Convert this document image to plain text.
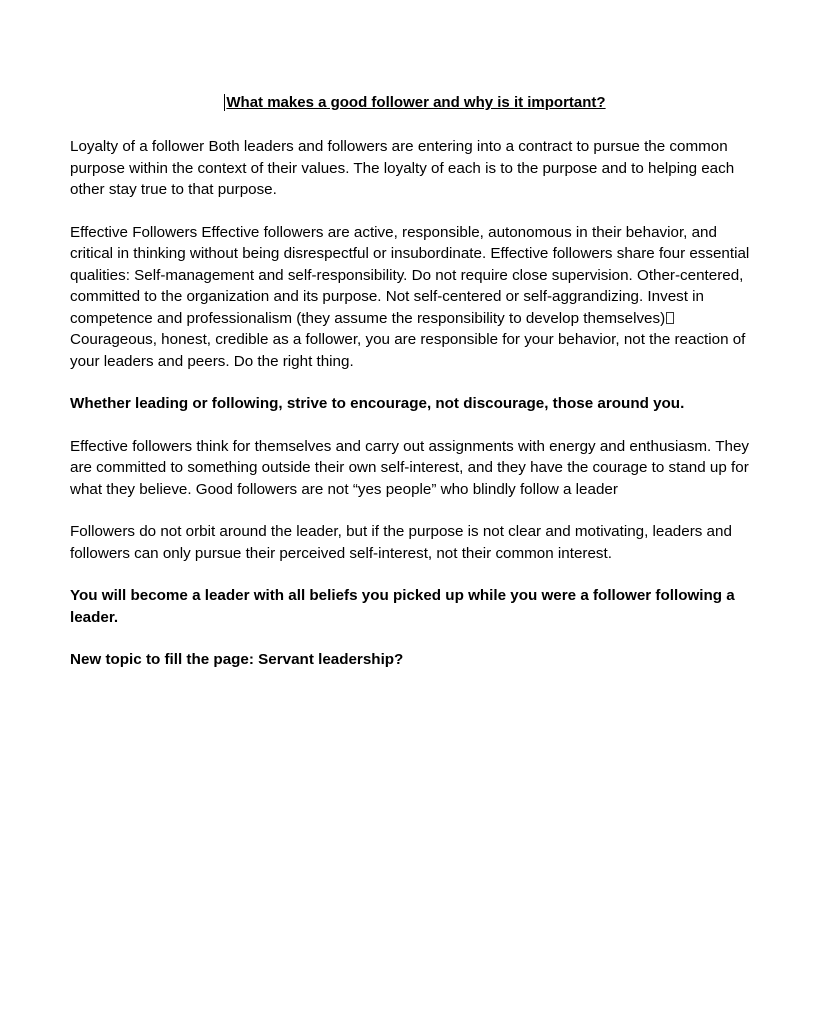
What makes a good follower and why is it important?

Loyalty of a follower Both leaders and followers are entering into a contract to pursue the common purpose within the context of their values. The loyalty of each is to the purpose and to helping each other stay true to that purpose.

Effective Followers Effective followers are active, responsible, autonomous in their behavior, and critical in thinking without being disrespectful or insubordinate. Effective followers share four essential qualities: Self-management and self-responsibility. Do not require close supervision. Other-centered, committed to the organization and its purpose. Not self-centered or self-aggrandizing. Invest in competence and professionalism (they assume the responsibility to develop themselves)Courageous, honest, credible as a follower, you are responsible for your behavior, not the reaction of your leaders and peers. Do the right thing.

Whether leading or following, strive to encourage, not discourage, those around you.

Effective followers think for themselves and carry out assignments with energy and enthusiasm. They are committed to something outside their own self-interest, and they have the courage to stand up for what they believe. Good followers are not “yes people” who blindly follow a leader

Followers do not orbit around the leader, but if the purpose is not clear and motivating, leaders and followers can only pursue their perceived self-interest, not their common interest.

You will become a leader with all beliefs you picked up while you were a follower following a leader.

New topic to fill the page: Servant leadership?
